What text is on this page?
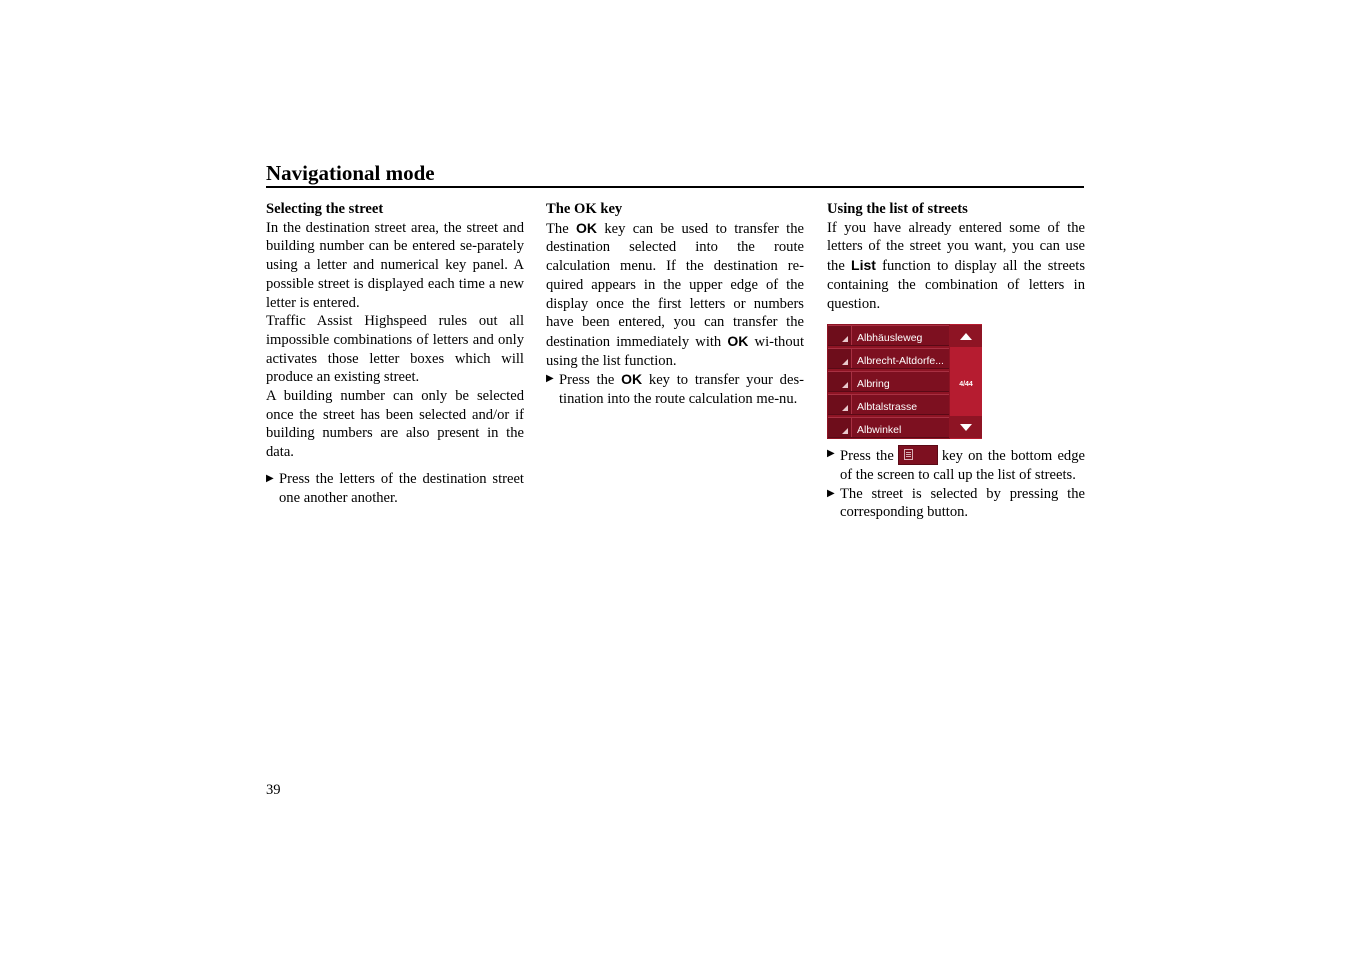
Navigational mode

Selecting the street

In the destination street area, the street and building number can be entered se-parately using a letter and numerical key panel. A possible street is displayed each time a new letter is entered.

Traffic Assist Highspeed rules out all impossible combinations of letters and only activates those letter boxes which will produce an existing street.

A building number can only be selected once the street has been selected and/or if building numbers are also present in the data.

▶ Press the letters of the destination street one another another.

The OK key

The OK key can be used to transfer the destination selected into the route calculation menu. If the destination re-quired appears in the upper edge of the display once the first letters or numbers have been entered, you can transfer the destination immediately with OK wi-thout using the list function.

▶ Press the OK key to transfer your des-tination into the route calculation me-nu.

Using the list of streets

If you have already entered some of the letters of the street you want, you can use the List function to display all the streets containing the combination of letters in question.

Albhäusleweg
Albrecht-Altdorfe...
Albring
Albtalstrasse
Albwinkel
4/44
▶ Press the	key on the bottom edge of the screen to call up the list of streets.
▶ The street is selected by pressing the corresponding button.
39
